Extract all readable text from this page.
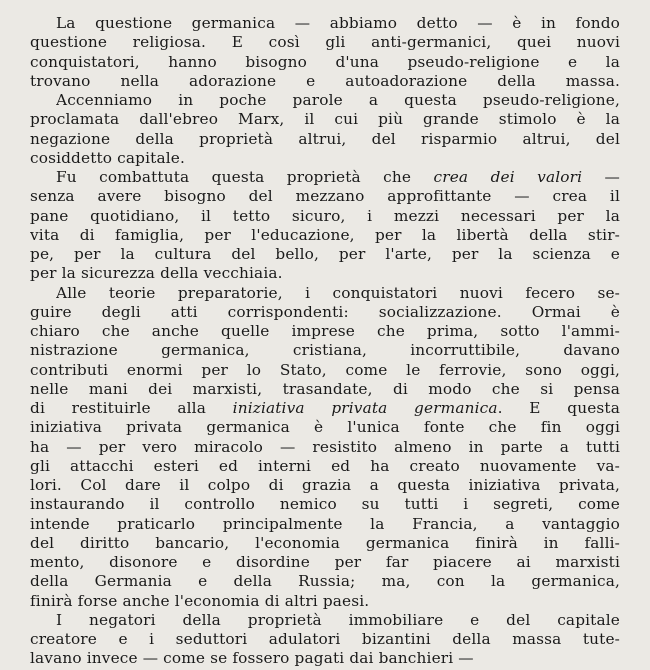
La questione germanica — abbiamo detto — è in fondo
questione religiosa. E così gli anti-germanici, quei nuovi
conquistatori, hanno bisogno d'una pseudo-religione e la
trovano nella adorazione e autoadorazione della massa.
Accenniamo in poche parole a questa pseudo-religione,
proclamata dall'ebreo Marx, il cui più grande stimolo è la
negazione della proprietà altrui, del risparmio altrui, del
cosiddetto capitale.
Fu combattuta questa proprietà che crea dei valori —
senza avere bisogno del mezzano approfittante — crea il
pane quotidiano, il tetto sicuro, i mezzi necessari per la
vita di famiglia, per l'educazione, per la libertà della stir-
pe, per la cultura del bello, per l'arte, per la scienza e
per la sicurezza della vecchiaia.
Alle teorie preparatorie, i conquistatori nuovi fecero se-
guire degli atti corrispondenti: socializzazione. Ormai è
chiaro che anche quelle imprese che prima, sotto l'ammi-
nistrazione germanica, cristiana, incorruttibile, davano
contributi enormi per lo Stato, come le ferrovie, sono oggi,
nelle mani dei marxisti, trasandate, di modo che si pensa
di restituirle alla iniziativa privata germanica. E questa
iniziativa privata germanica è l'unica fonte che fin oggi
ha — per vero miracolo — resistito almeno in parte a tutti
gli attacchi esteri ed interni ed ha creato nuovamente va-
lori. Col dare il colpo di grazia a questa iniziativa privata,
instaurando il controllo nemico su tutti i segreti, come
intende praticarlo principalmente la Francia, a vantaggio
del diritto bancario, l'economia germanica finirà in falli-
mento, disonore e disordine per far piacere ai marxisti
della Germania e della Russia; ma, con la germanica,
finirà forse anche l'economia di altri paesi.
I negatori della proprietà immobiliare e del capitale
creatore e i seduttori adulatori bizantini della massa tute-
lavano invece — come se fossero pagati dai banchieri —
